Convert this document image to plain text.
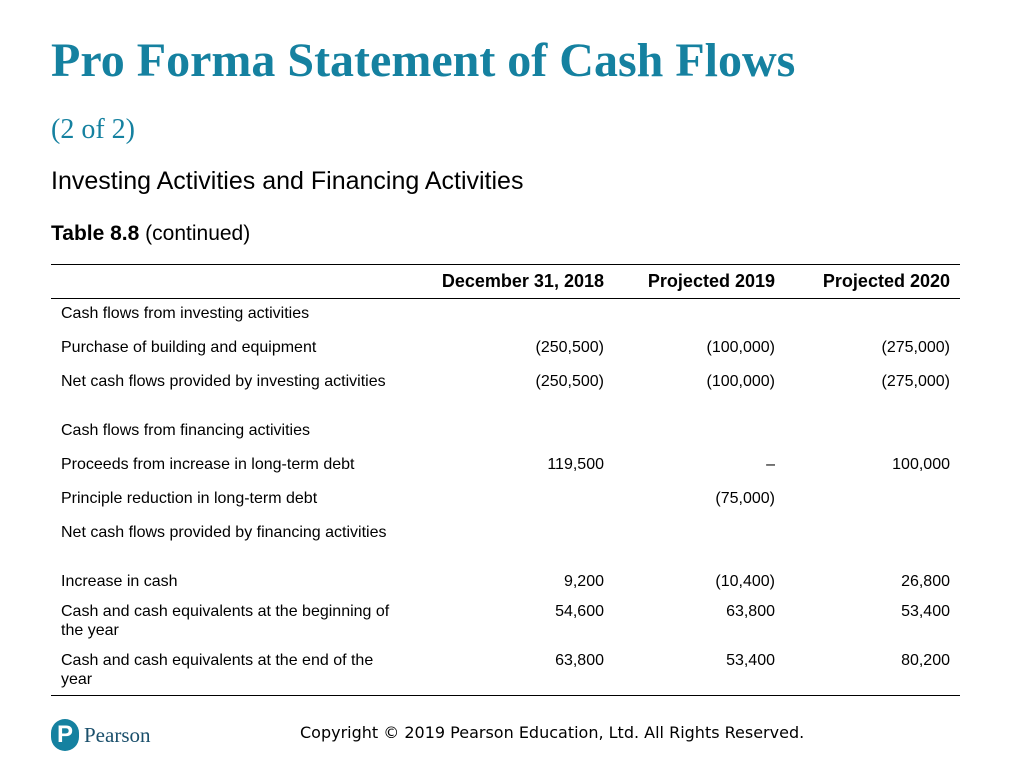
Pro Forma Statement of Cash Flows (2 of 2)
Investing Activities and Financing Activities
Table 8.8 (continued)
	December 31, 2018	Projected 2019	Projected 2020
Cash flows from investing activities			
Purchase of building and equipment	(250,500)	(100,000)	(275,000)
Net cash flows provided by investing activities	(250,500)	(100,000)	(275,000)
Cash flows from financing activities			
Proceeds from increase in long-term debt	119,500	–	100,000
Principle reduction in long-term debt		(75,000)	
Net cash flows provided by financing activities			
Increase in cash	9,200	(10,400)	26,800
Cash and cash equivalents at the beginning of the year	54,600	63,800	53,400
Cash and cash equivalents at the end of the year	63,800	53,400	80,200
P Pearson	Copyright © 2019 Pearson Education, Ltd. All Rights Reserved.
